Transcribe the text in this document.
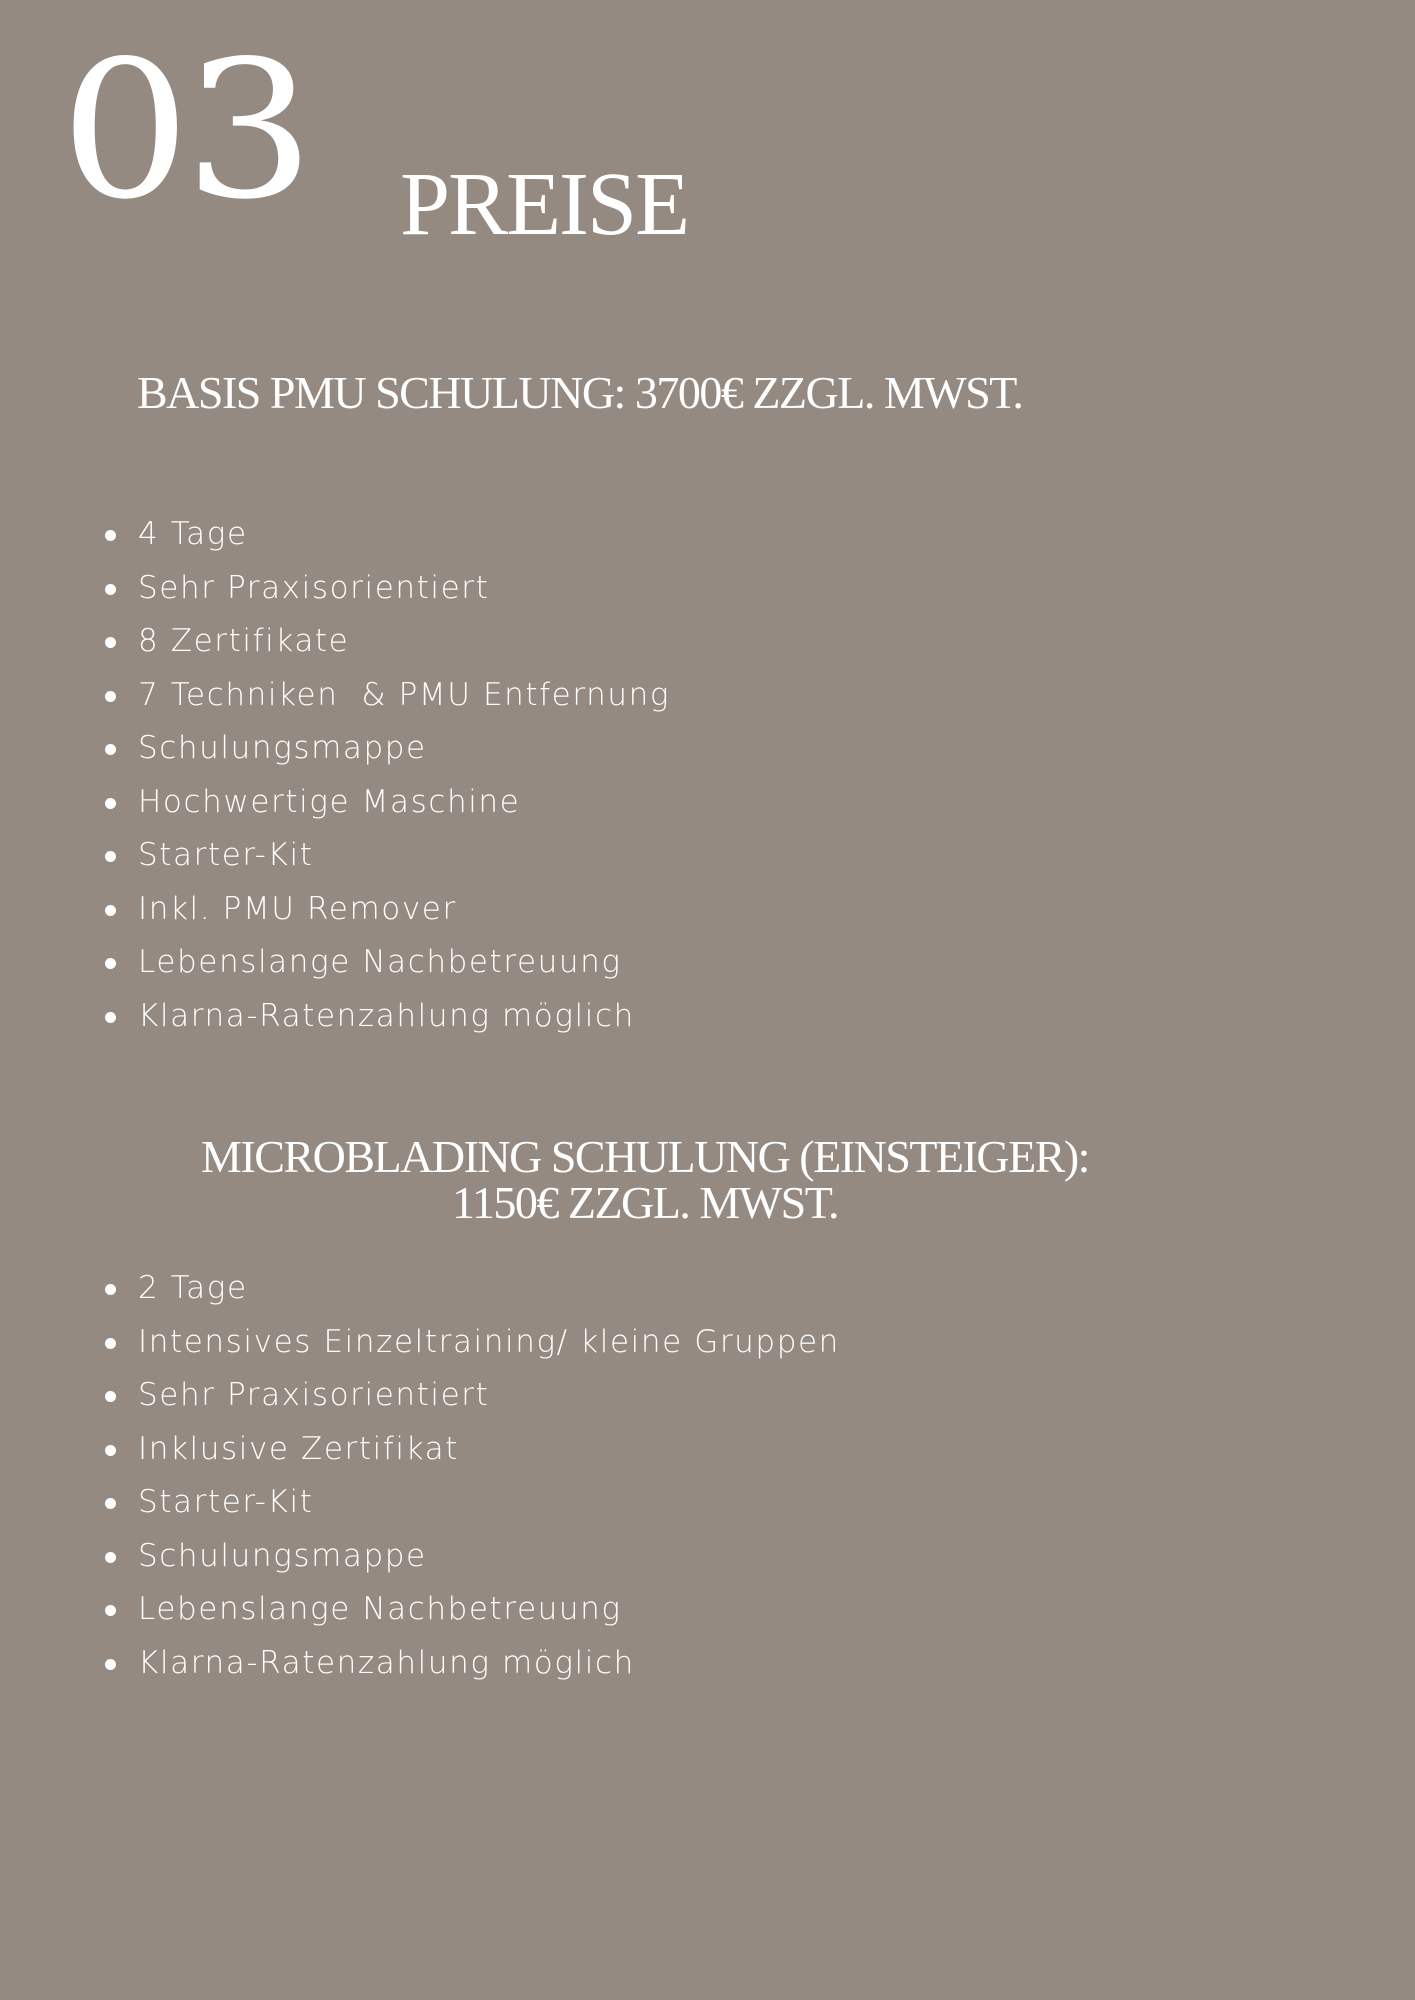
03 PREISE
BASIS PMU SCHULUNG: 3700€ ZZGL. MWST.
4 Tage
Sehr Praxisorientiert
8 Zertifikate
7 Techniken  & PMU Entfernung
Schulungsmappe
Hochwertige Maschine
Starter-Kit
Inkl. PMU Remover
Lebenslange Nachbetreuung
Klarna-Ratenzahlung möglich
MICROBLADING SCHULUNG (EINSTEIGER):
1150€ ZZGL. MWST.
2 Tage
Intensives Einzeltraining/ kleine Gruppen
Sehr Praxisorientiert
Inklusive Zertifikat
Starter-Kit
Schulungsmappe
Lebenslange Nachbetreuung
Klarna-Ratenzahlung möglich
